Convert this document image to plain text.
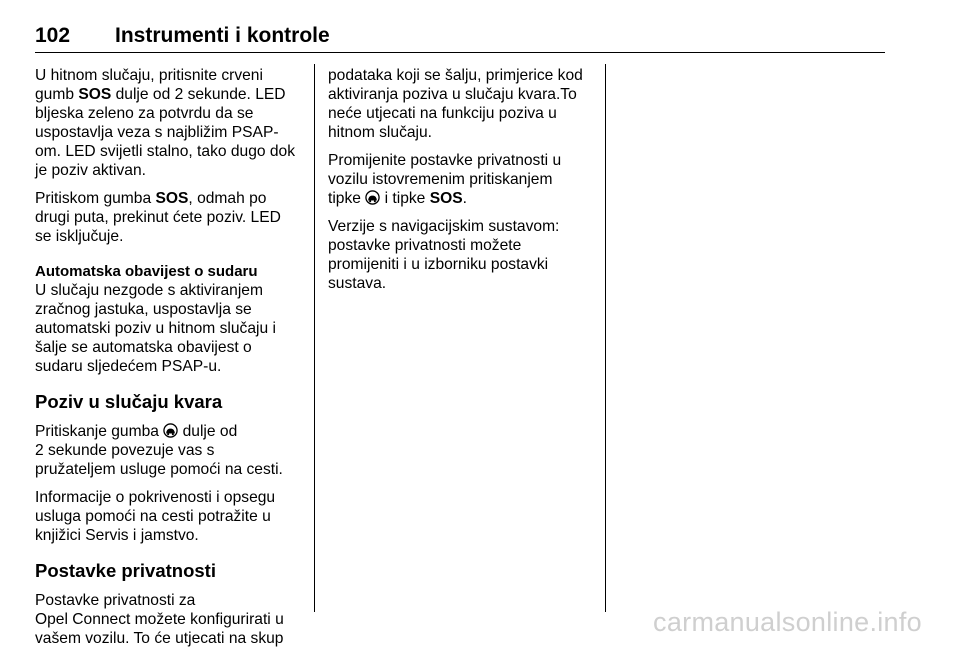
102 Instrumenti i kontrole

U hitnom slučaju, pritisnite crveni
gumb SOS dulje od 2 sekunde. LED
bljeska zeleno za potvrdu da se
uspostavlja veza s najbližim PSAP-
om. LED svijetli stalno, tako dugo dok
je poziv aktivan.

Pritiskom gumba SOS, odmah po
drugi puta, prekinut ćete poziv. LED
se isključuje.

Automatska obavijest o sudaru

U slučaju nezgode s aktiviranjem
zračnog jastuka, uspostavlja se
automatski poziv u hitnom slučaju i
šalje se automatska obavijest o
sudaru sljedećem PSAP-u.

Poziv u slučaju kvara

Pritiskanje gumba  dulje od
2 sekunde povezuje vas s
pružateljem usluge pomoći na cesti.

Informacije o pokrivenosti i opsegu
usluga pomoći na cesti potražite u
knjižici Servis i jamstvo.

Postavke privatnosti

Postavke privatnosti za
Opel Connect možete konfigurirati u
vašem vozilu. To će utjecati na skup

podataka koji se šalju, primjerice kod
aktiviranja poziva u slučaju kvara.To
neće utjecati na funkciju poziva u
hitnom slučaju.

Promijenite postavke privatnosti u
vozilu istovremenim pritiskanjem
tipke  i tipke SOS.

Verzije s navigacijskim sustavom:
postavke privatnosti možete
promijeniti i u izborniku postavki
sustava.

carmanualsonline.info
